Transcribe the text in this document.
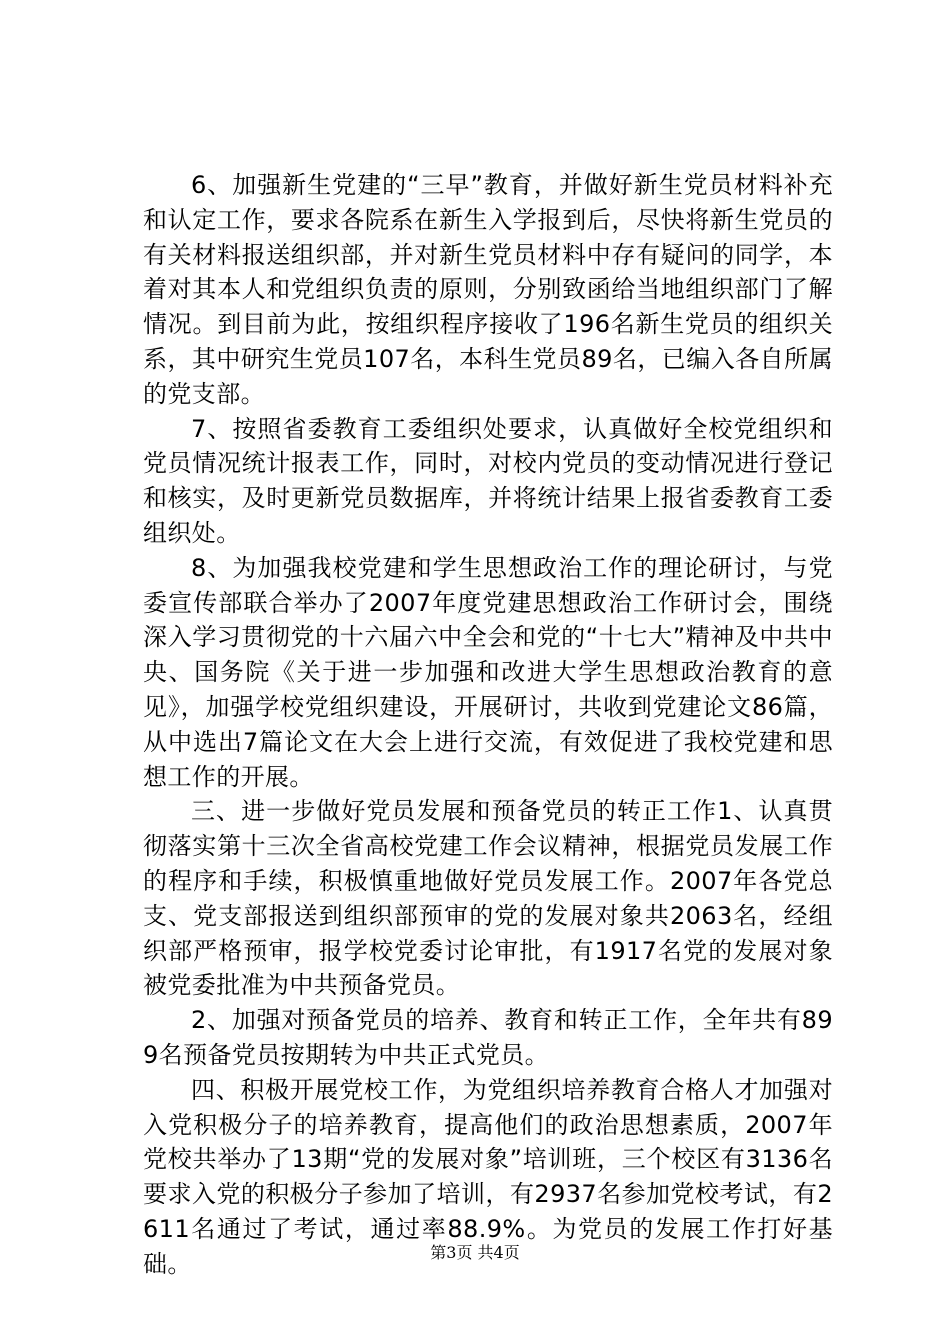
6、加强新生党建的“三早”教育，并做好新生党员材料补充和认定工作，要求各院系在新生入学报到后，尽快将新生党员的有关材料报送组织部，并对新生党员材料中存有疑问的同学，本着对其本人和党组织负责的原则，分别致函给当地组织部门了解情况。到目前为此，按组织程序接收了196名新生党员的组织关系，其中研究生党员107名，本科生党员89名，已编入各自所属的党支部。

7、按照省委教育工委组织处要求，认真做好全校党组织和党员情况统计报表工作，同时，对校内党员的变动情况进行登记和核实，及时更新党员数据库，并将统计结果上报省委教育工委组织处。

8、为加强我校党建和学生思想政治工作的理论研讨，与党委宣传部联合举办了2007年度党建思想政治工作研讨会，围绕深入学习贯彻党的十六届六中全会和党的“十七大”精神及中共中央、国务院《关于进一步加强和改进大学生思想政治教育的意见》，加强学校党组织建设，开展研讨，共收到党建论文86篇，从中选出7篇论文在大会上进行交流，有效促进了我校党建和思想工作的开展。

三、进一步做好党员发展和预备党员的转正工作1、认真贯彻落实第十三次全省高校党建工作会议精神，根据党员发展工作的程序和手续，积极慎重地做好党员发展工作。2007年各党总支、党支部报送到组织部预审的党的发展对象共2063名，经组织部严格预审，报学校党委讨论审批，有1917名党的发展对象被党委批准为中共预备党员。

2、加强对预备党员的培养、教育和转正工作，全年共有899名预备党员按期转为中共正式党员。

四、积极开展党校工作，为党组织培养教育合格人才加强对入党积极分子的培养教育，提高他们的政治思想素质，2007年党校共举办了13期“党的发展对象”培训班，三个校区有3136名要求入党的积极分子参加了培训，有2937名参加党校考试，有2611名通过了考试，通过率88.9%。为党员的发展工作打好基础。	第3页 共4页
